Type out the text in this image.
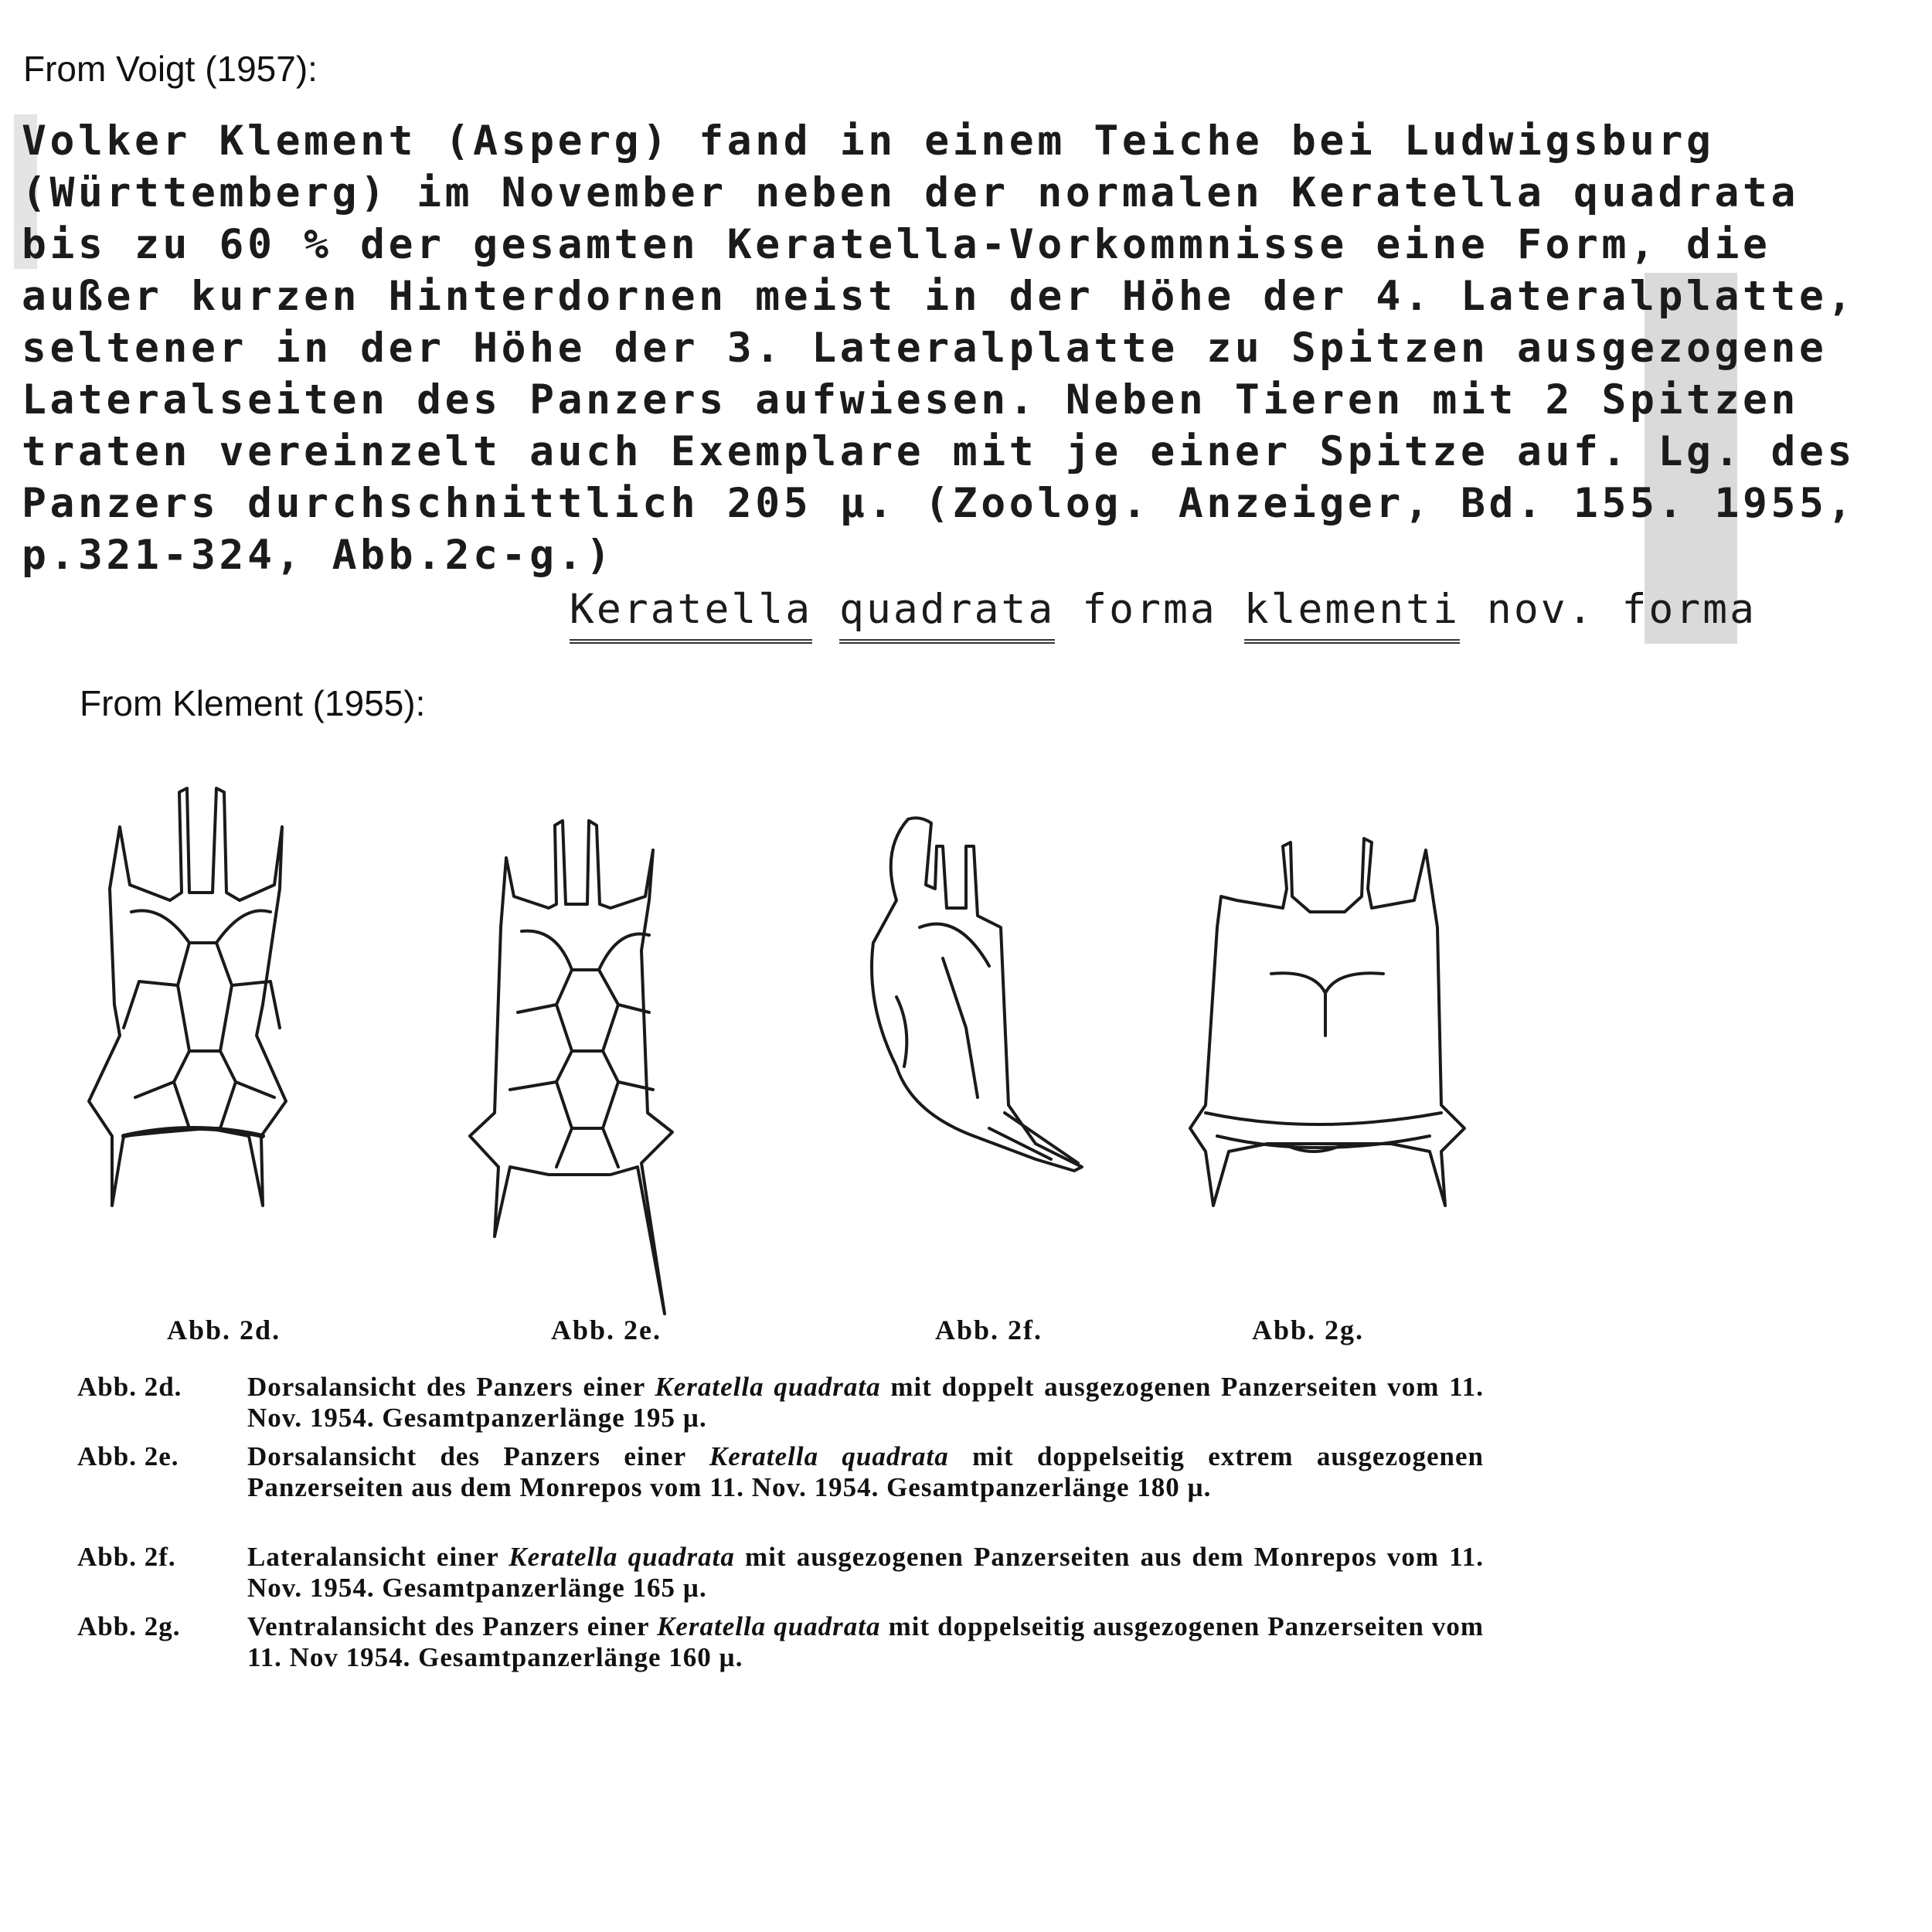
From Voigt (1957):
From Klement (1955):
Volker Klement (Asperg) fand in einem Teiche bei Ludwigsburg
(Württemberg) im November neben der normalen Keratella quadrata
bis zu 60 % der gesamten Keratella-Vorkommnisse eine Form, die
außer kurzen Hinterdornen meist in der Höhe der 4. Lateralplatte,
seltener in der Höhe der 3. Lateralplatte zu Spitzen ausgezogene
Lateralseiten des Panzers aufwiesen. Neben Tieren mit 2 Spitzen
traten vereinzelt auch Exemplare mit je einer Spitze auf. Lg. des
Panzers durchschnittlich 205 µ. (Zoolog. Anzeiger, Bd. 155. 1955,
p.321-324, Abb.2c-g.)
Keratella quadrata forma klementi nov. forma
Abb. 2d.	Abb. 2e.	Abb. 2f.	Abb. 2g.
Abb. 2d. Dorsalansicht des Panzers einer Keratella quadrata mit doppelt ausgezogenen Panzerseiten vom 11. Nov. 1954. Gesamtpanzerlänge 195 µ.
Abb. 2e.	Dorsalansicht des Panzers einer Keratella quadrata mit doppelseitig extrem ausgezogenen Panzerseiten aus dem Monrepos vom 11. Nov. 1954. Gesamtpanzerlänge 180 µ.
Abb. 2f.	Lateralansicht einer Keratella quadrata mit ausgezogenen Panzerseiten aus dem Monrepos vom 11. Nov. 1954. Gesamtpanzerlänge 165 µ.
Abb. 2g. Ventralansicht des Panzers einer Keratella quadrata mit doppelseitig ausgezogenen Panzerseiten vom 11. Nov 1954. Gesamtpanzerlänge 160 µ.
